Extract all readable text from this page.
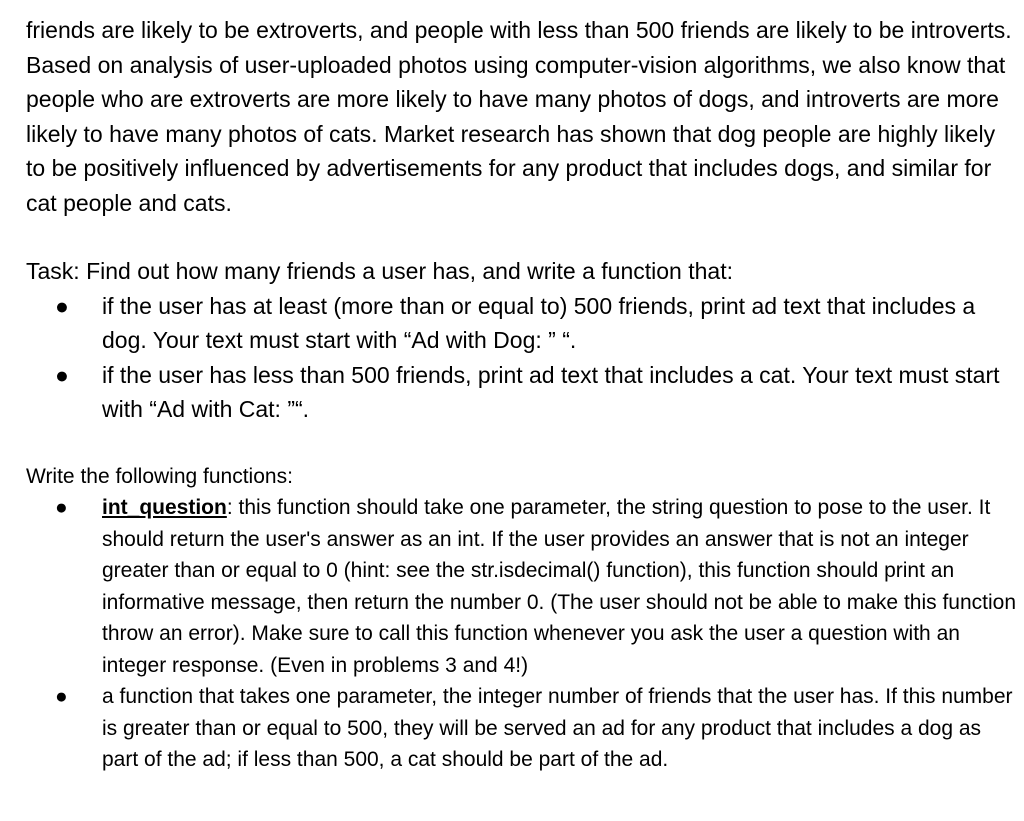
friends are likely to be extroverts, and people with less than 500 friends are likely to be introverts. Based on analysis of user-uploaded photos using computer-vision algorithms, we also know that people who are extroverts are more likely to have many photos of dogs, and introverts are more likely to have many photos of cats. Market research has shown that dog people are highly likely to be positively influenced by advertisements for any product that includes dogs, and similar for cat people and cats.

Task: Find out how many friends a user has, and write a function that:

● if the user has at least (more than or equal to) 500 friends, print ad text that includes a dog. Your text must start with “Ad with Dog: ” “.
● if the user has less than 500 friends, print ad text that includes a cat. Your text must start with “Ad with Cat: ”“.

Write the following functions:

● int_question: this function should take one parameter, the string question to pose to the user. It should return the user's answer as an int. If the user provides an answer that is not an integer greater than or equal to 0 (hint: see the str.isdecimal() function), this function should print an informative message, then return the number 0. (The user should not be able to make this function throw an error). Make sure to call this function whenever you ask the user a question with an integer response. (Even in problems 3 and 4!)
● a function that takes one parameter, the integer number of friends that the user has. If this number is greater than or equal to 500, they will be served an ad for any product that includes a dog as part of the ad; if less than 500, a cat should be part of the ad.
